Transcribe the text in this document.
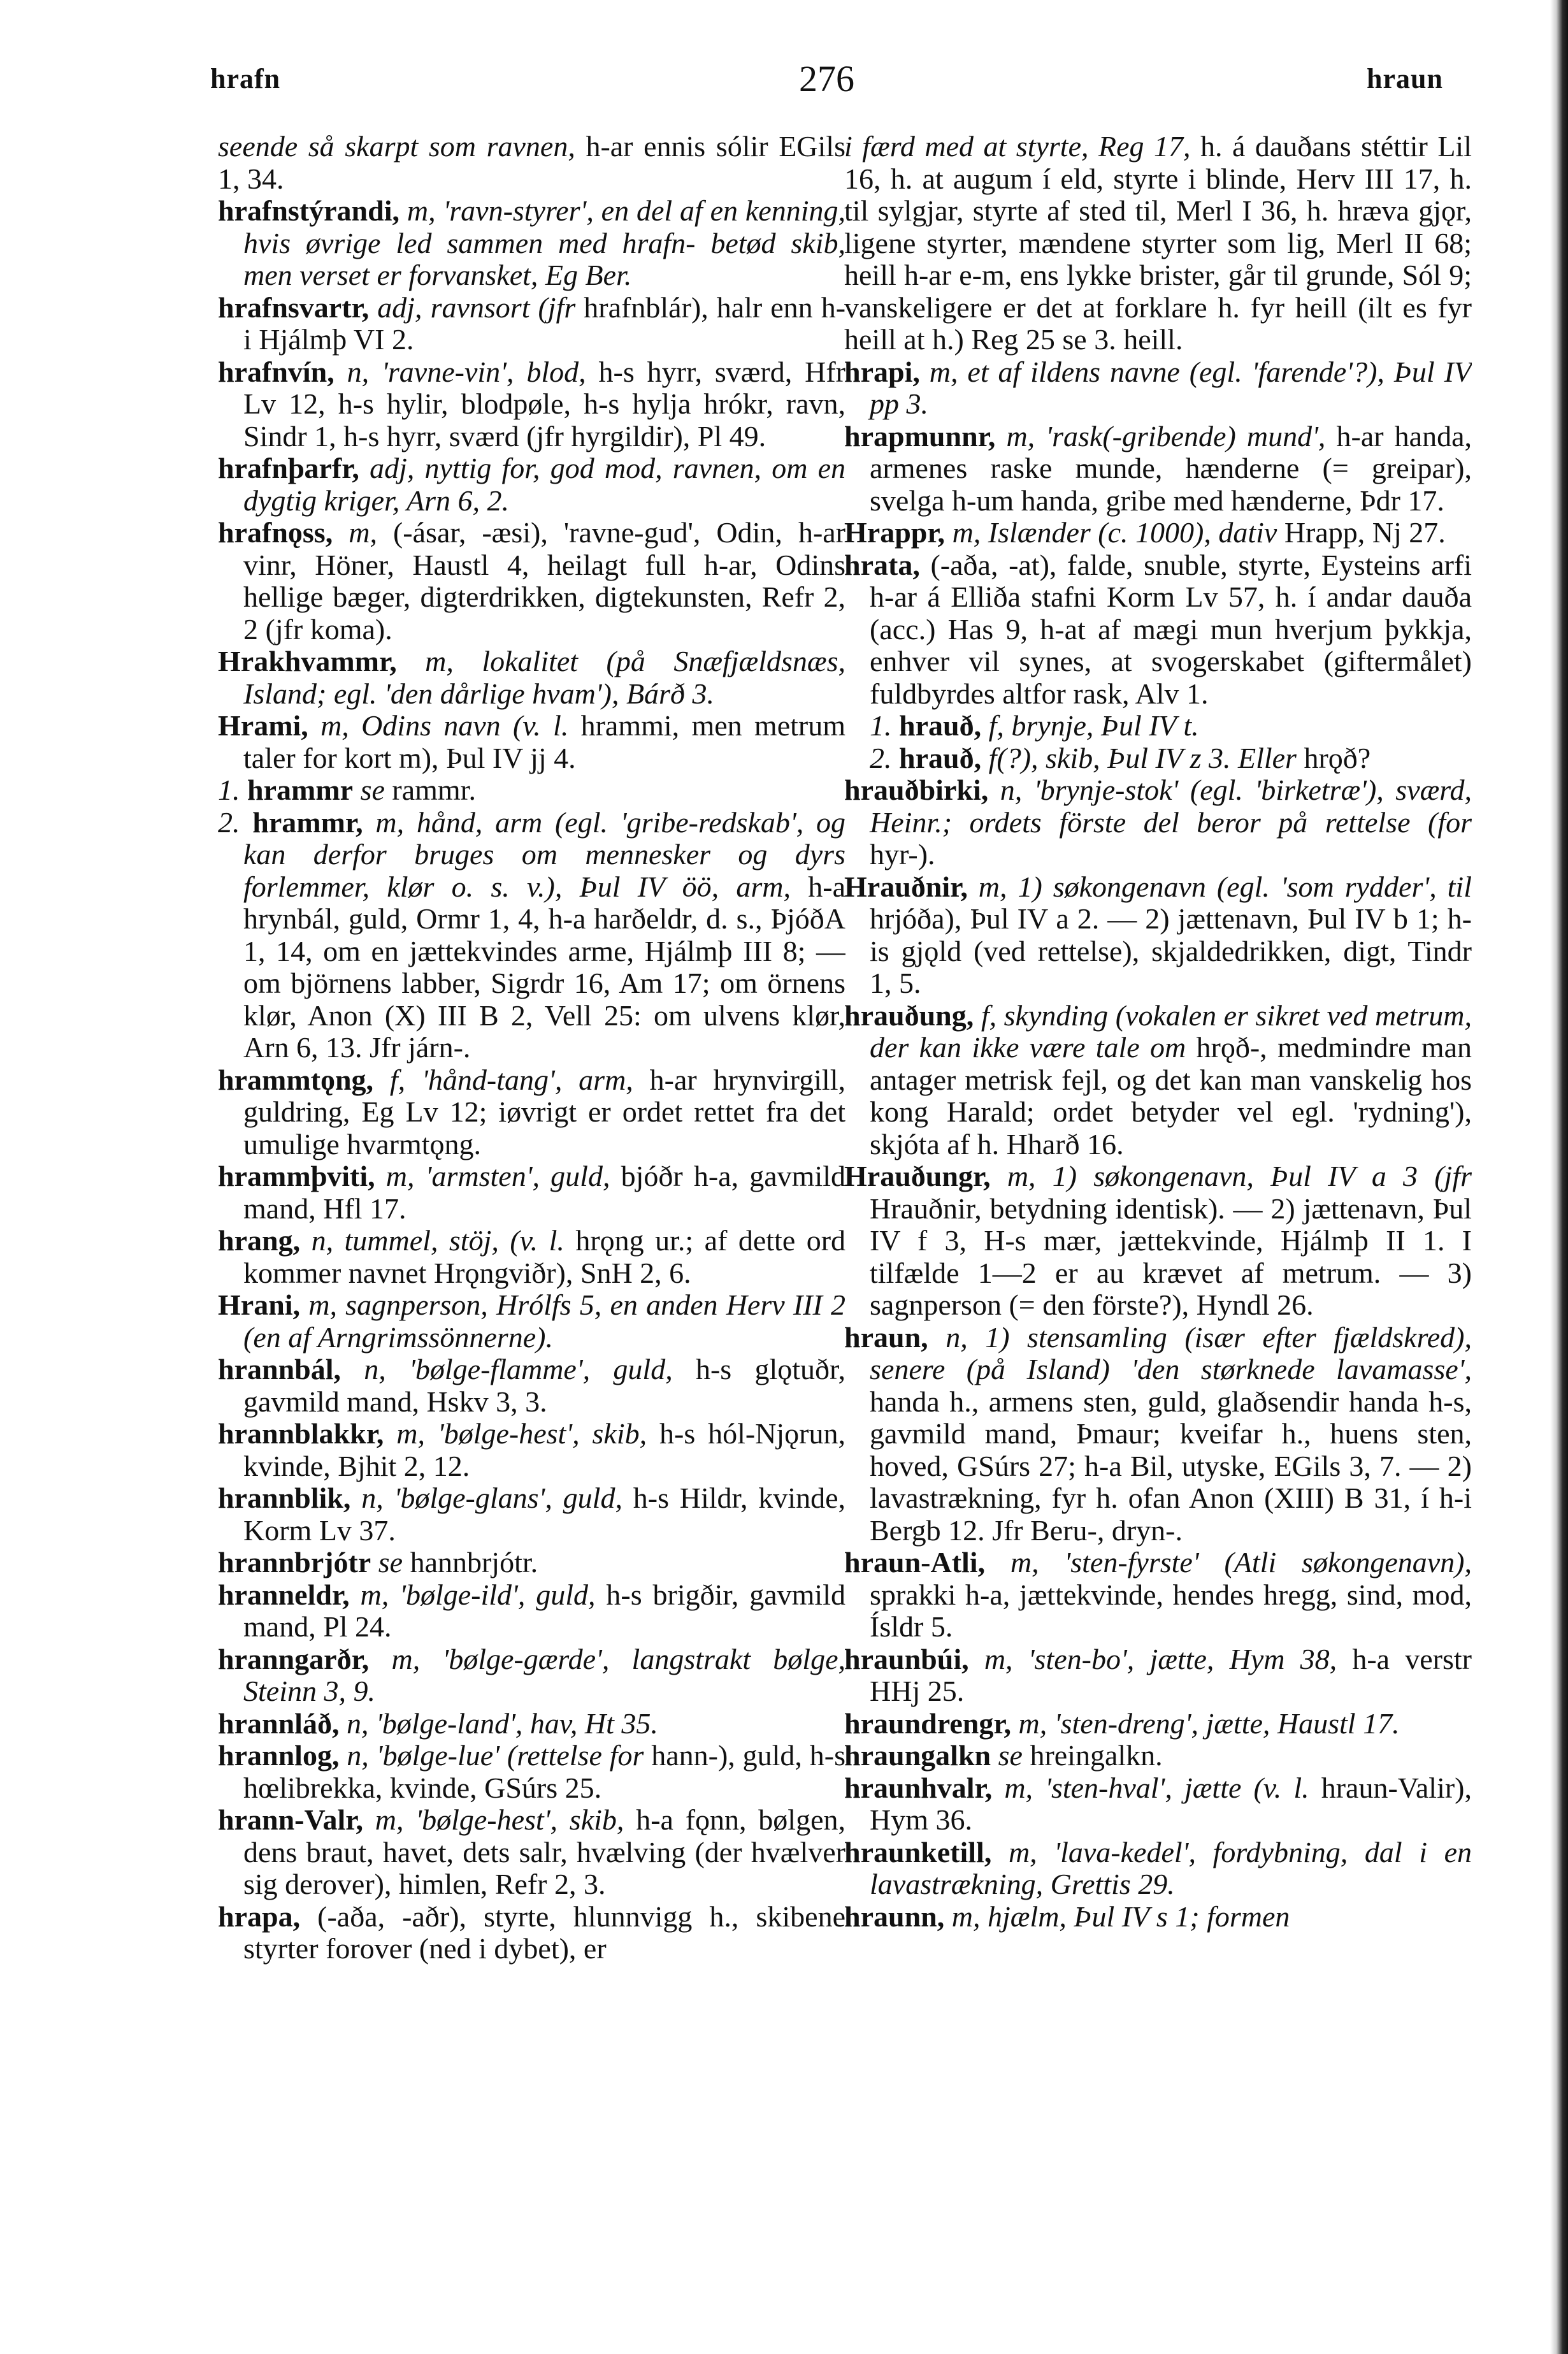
hrafn	276	hraun

seende så skarpt som ravnen, h-ar ennis sólir EGils 1, 34.

hrafnstýrandi, m, 'ravn-styrer', en del af en kenning, hvis øvrige led sammen med hrafn- betød skib, men verset er forvansket, Eg Ber.

hrafnsvartr, adj, ravnsort (jfr hrafnblár), halr enn h-i Hjálmþ VI 2.

hrafnvín, n, 'ravne-vin', blod, h-s hyrr, sværd, Hfr Lv 12, h-s hylir, blodpøle, h-s hylja hrókr, ravn, Sindr 1, h-s hyrr, sværd (jfr hyrgildir), Pl 49.

hrafnþarfr, adj, nyttig for, god mod, ravnen, om en dygtig kriger, Arn 6, 2.

hrafnǫss, m, (-ásar, -æsi), 'ravne-gud', Odin, h-ar vinr, Höner, Haustl 4, heilagt full h-ar, Odins hellige bæger, digterdrikken, digtekunsten, Refr 2, 2 (jfr koma).

Hrakhvammr, m, lokalitet (på Snæfjældsnæs, Island; egl. 'den dårlige hvam'), Bárð 3.

Hrami, m, Odins navn (v. l. hrammi, men metrum taler for kort m), Þul IV jj 4.

1. hrammr se rammr.

2. hrammr, m, hånd, arm (egl. 'gribe-redskab', og kan derfor bruges om mennesker og dyrs forlemmer, klør o. s. v.), Þul IV öö, arm, h-a hrynbál, guld, Ormr 1, 4, h-a harðeldr, d. s., ÞjóðA 1, 14, om en jættekvindes arme, Hjálmþ III 8; — om björnens labber, Sigrdr 16, Am 17; om örnens klør, Anon (X) III B 2, Vell 25: om ulvens klør, Arn 6, 13. Jfr járn-.

hrammtǫng, f, 'hånd-tang', arm, h-ar hrynvirgill, guldring, Eg Lv 12; iøvrigt er ordet rettet fra det umulige hvarmtǫng.

hrammþviti, m, 'armsten', guld, bjóðr h-a, gavmild mand, Hfl 17.

hrang, n, tummel, stöj, (v. l. hrǫng ur.; af dette ord kommer navnet Hrǫngviðr), SnH 2, 6.

Hrani, m, sagnperson, Hrólfs 5, en anden Herv III 2 (en af Arngrimssönnerne).

hrannbál, n, 'bølge-flamme', guld, h-s glǫtuðr, gavmild mand, Hskv 3, 3.

hrannblakkr, m, 'bølge-hest', skib, h-s hól-Njǫrun, kvinde, Bjhit 2, 12.

hrannblik, n, 'bølge-glans', guld, h-s Hildr, kvinde, Korm Lv 37.

hrannbrjótr se hannbrjótr.

hranneldr, m, 'bølge-ild', guld, h-s brigðir, gavmild mand, Pl 24.

hranngarðr, m, 'bølge-gærde', langstrakt bølge, Steinn 3, 9.

hrannláð, n, 'bølge-land', hav, Ht 35.

hrannlog, n, 'bølge-lue' (rettelse for hann-), guld, h-s hœlibrekka, kvinde, GSúrs 25.

hrann-Valr, m, 'bølge-hest', skib, h-a fǫnn, bølgen, dens braut, havet, dets salr, hvælving (der hvælver sig derover), himlen, Refr 2, 3.

hrapa, (-aða, -aðr), styrte, hlunnvigg h., skibene styrter forover (ned i dybet), er

i færd med at styrte, Reg 17, h. á dauðans stéttir Lil 16, h. at augum í eld, styrte i blinde, Herv III 17, h. til sylgjar, styrte af sted til, Merl I 36, h. hræva gjǫr, ligene styrter, mændene styrter som lig, Merl II 68; heill h-ar e-m, ens lykke brister, går til grunde, Sól 9; vanskeligere er det at forklare h. fyr heill (ilt es fyr heill at h.) Reg 25 se 3. heill.

hrapi, m, et af ildens navne (egl. 'farende'?), Þul IV pp 3.

hrapmunnr, m, 'rask(-gribende) mund', h-ar handa, armenes raske munde, hænderne (= greipar), svelga h-um handa, gribe med hænderne, Þdr 17.

Hrappr, m, Islænder (c. 1000), dativ Hrapp, Nj 27.

hrata, (-aða, -at), falde, snuble, styrte, Eysteins arfi h-ar á Elliða stafni Korm Lv 57, h. í andar dauða (acc.) Has 9, h-at af mægi mun hverjum þykkja, enhver vil synes, at svogerskabet (giftermålet) fuldbyrdes altfor rask, Alv 1.

1. hrauð, f, brynje, Þul IV t.

2. hrauð, f(?), skib, Þul IV z 3. Eller hrǫð?

hrauðbirki, n, 'brynje-stok' (egl. 'birketræ'), sværd, Heinr.; ordets förste del beror på rettelse (for hyr-).

Hrauðnir, m, 1) søkongenavn (egl. 'som rydder', til hrjóða), Þul IV a 2. — 2) jættenavn, Þul IV b 1; h-is gjǫld (ved rettelse), skjaldedrikken, digt, Tindr 1, 5.

hrauðung, f, skynding (vokalen er sikret ved metrum, der kan ikke være tale om hrǫð-, medmindre man antager metrisk fejl, og det kan man vanskelig hos kong Harald; ordet betyder vel egl. 'rydning'), skjóta af h. Hharð 16.

Hrauðungr, m, 1) søkongenavn, Þul IV a 3 (jfr Hrauðnir, betydning identisk). — 2) jættenavn, Þul IV f 3, H-s mær, jættekvinde, Hjálmþ II 1. I tilfælde 1—2 er au krævet af metrum. — 3) sagnperson (= den förste?), Hyndl 26.

hraun, n, 1) stensamling (især efter fjældskred), senere (på Island) 'den størknede lavamasse', handa h., armens sten, guld, glaðsendir handa h-s, gavmild mand, Þmaur; kveifar h., huens sten, hoved, GSúrs 27; h-a Bil, utyske, EGils 3, 7. — 2) lavastrækning, fyr h. ofan Anon (XIII) B 31, í h-i Bergb 12. Jfr Beru-, dryn-.

hraun-Atli, m, 'sten-fyrste' (Atli søkongenavn), sprakki h-a, jættekvinde, hendes hregg, sind, mod, Ísldr 5.

hraunbúi, m, 'sten-bo', jætte, Hym 38, h-a verstr HHj 25.

hraundrengr, m, 'sten-dreng', jætte, Haustl 17.

hraungalkn se hreingalkn.

hraunhvalr, m, 'sten-hval', jætte (v. l. hraun-Valir), Hym 36.

hraunketill, m, 'lava-kedel', fordybning, dal i en lavastrækning, Grettis 29.

hraunn, m, hjælm, Þul IV s 1; formen
